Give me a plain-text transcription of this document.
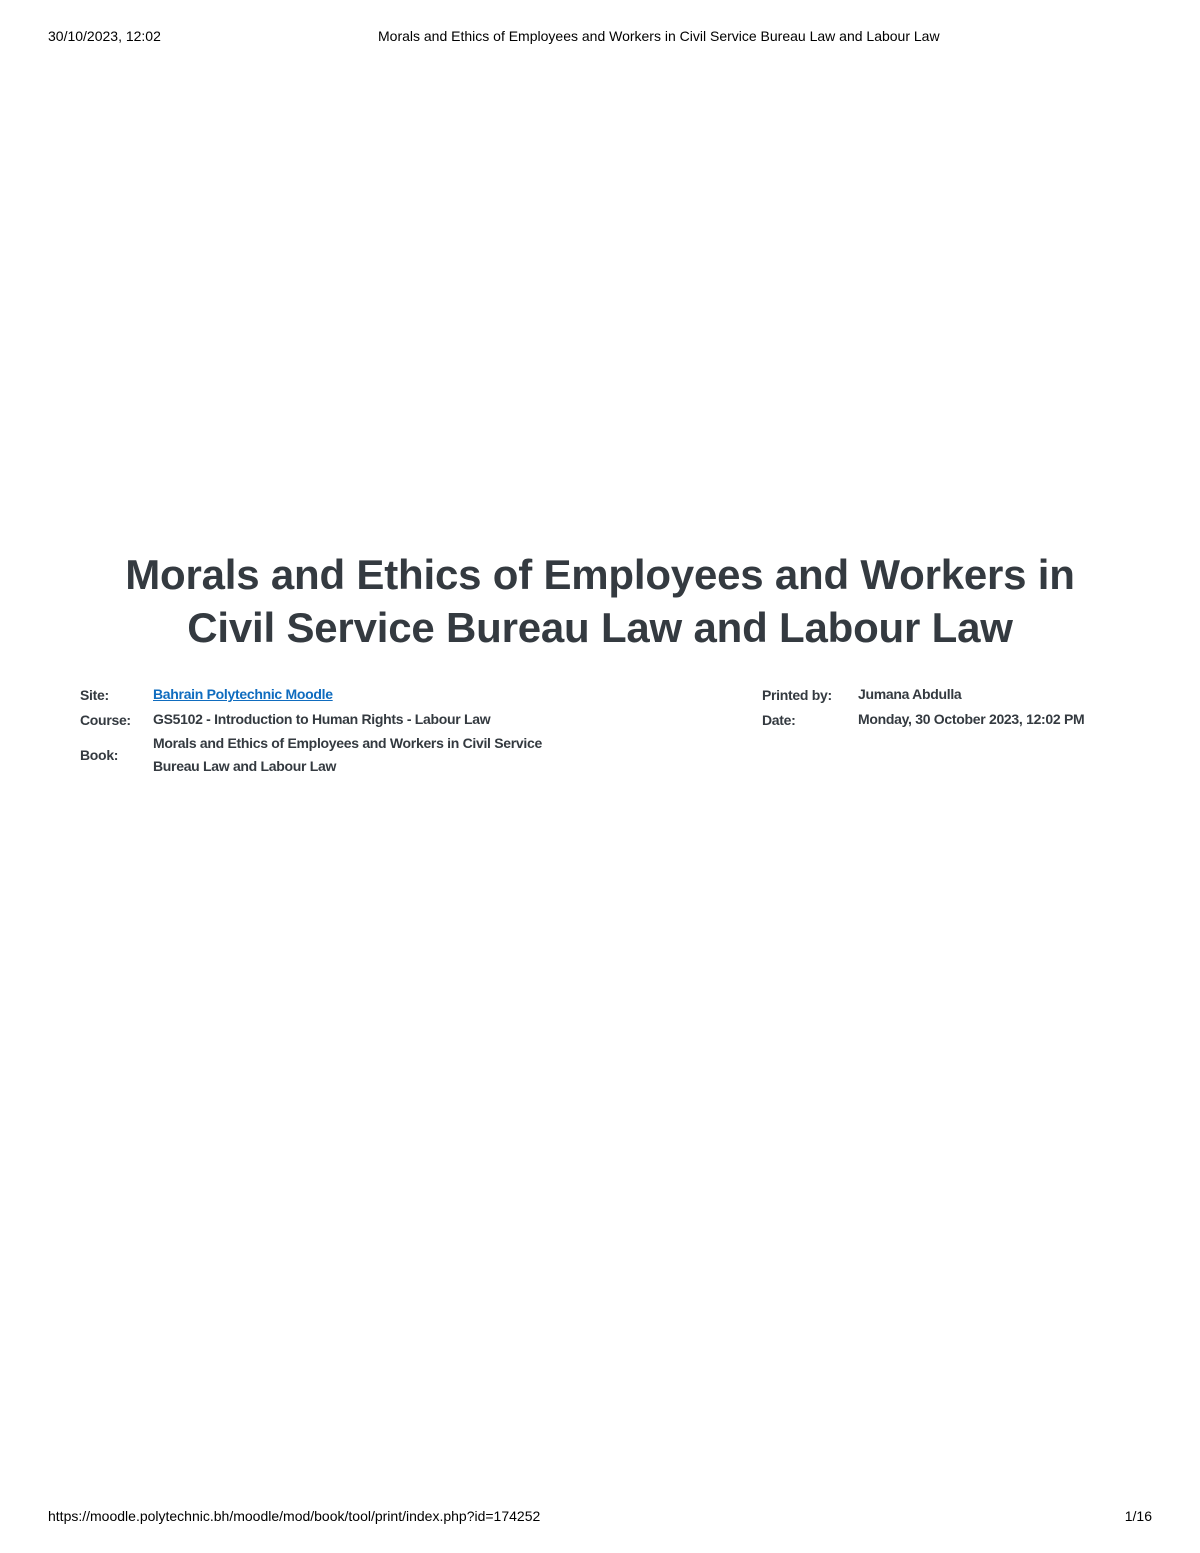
30/10/2023, 12:02	Morals and Ethics of Employees and Workers in Civil Service Bureau Law and Labour Law
Morals and Ethics of Employees and Workers in
Civil Service Bureau Law and Labour Law
Site:	Bahrain Polytechnic Moodle
Course:	GS5102 - Introduction to Human Rights - Labour Law
Book:
Morals and Ethics of Employees and Workers in Civil Service
Bureau Law and Labour Law
Printed by:	Jumana Abdulla
Date:	Monday, 30 October 2023, 12:02 PM
https://moodle.polytechnic.bh/moodle/mod/book/tool/print/index.php?id=174252	1/16
